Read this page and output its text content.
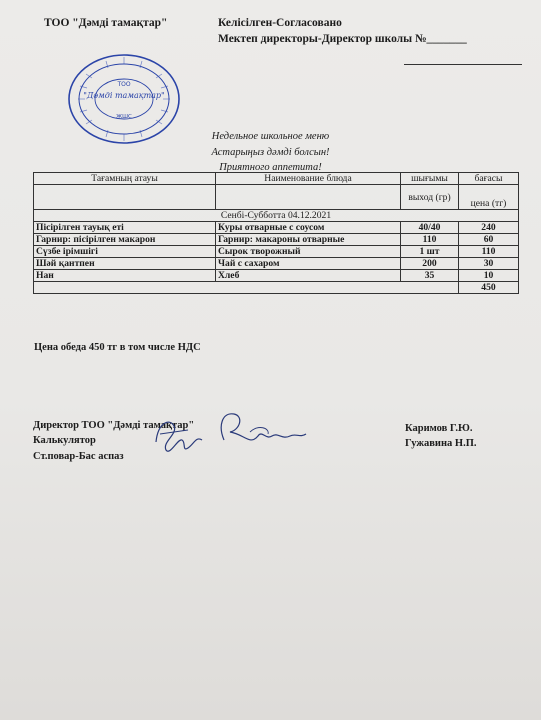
ТОО "Дәмді тамақтар"	Келісілген-Согласовано
Мектеп директоры-Директор школы №_______
ТОО
"Дәмді тамақтар"
ЖШС
Недельное школьное меню
Астарыңыз дәмді болсын!
Приятного аппетита!
Тағамның атауы	Наименование блюда	шығымы	бағасы
		выход (гр)	цена (тг)
Сенбі-Субботта 04.12.2021			
Пісірілген тауық еті	Куры отварные с соусом	40/40	240
Гарнир: пісірілген макарон	Гарнир: макароны отварные	110	60
Сүзбе ірімшігі	Сырок творожный	1 шт	110
Шәй қантпен	Чай с сахаром	200	30
Нан	Хлеб	35	10
			450
Цена обеда 450 тг в том числе НДС
Директор ТОО "Дәмді тамақтар"
Калькулятор
Ст.повар-Бас аспаз
Каримов Г.Ю.
Гужавина Н.П.
